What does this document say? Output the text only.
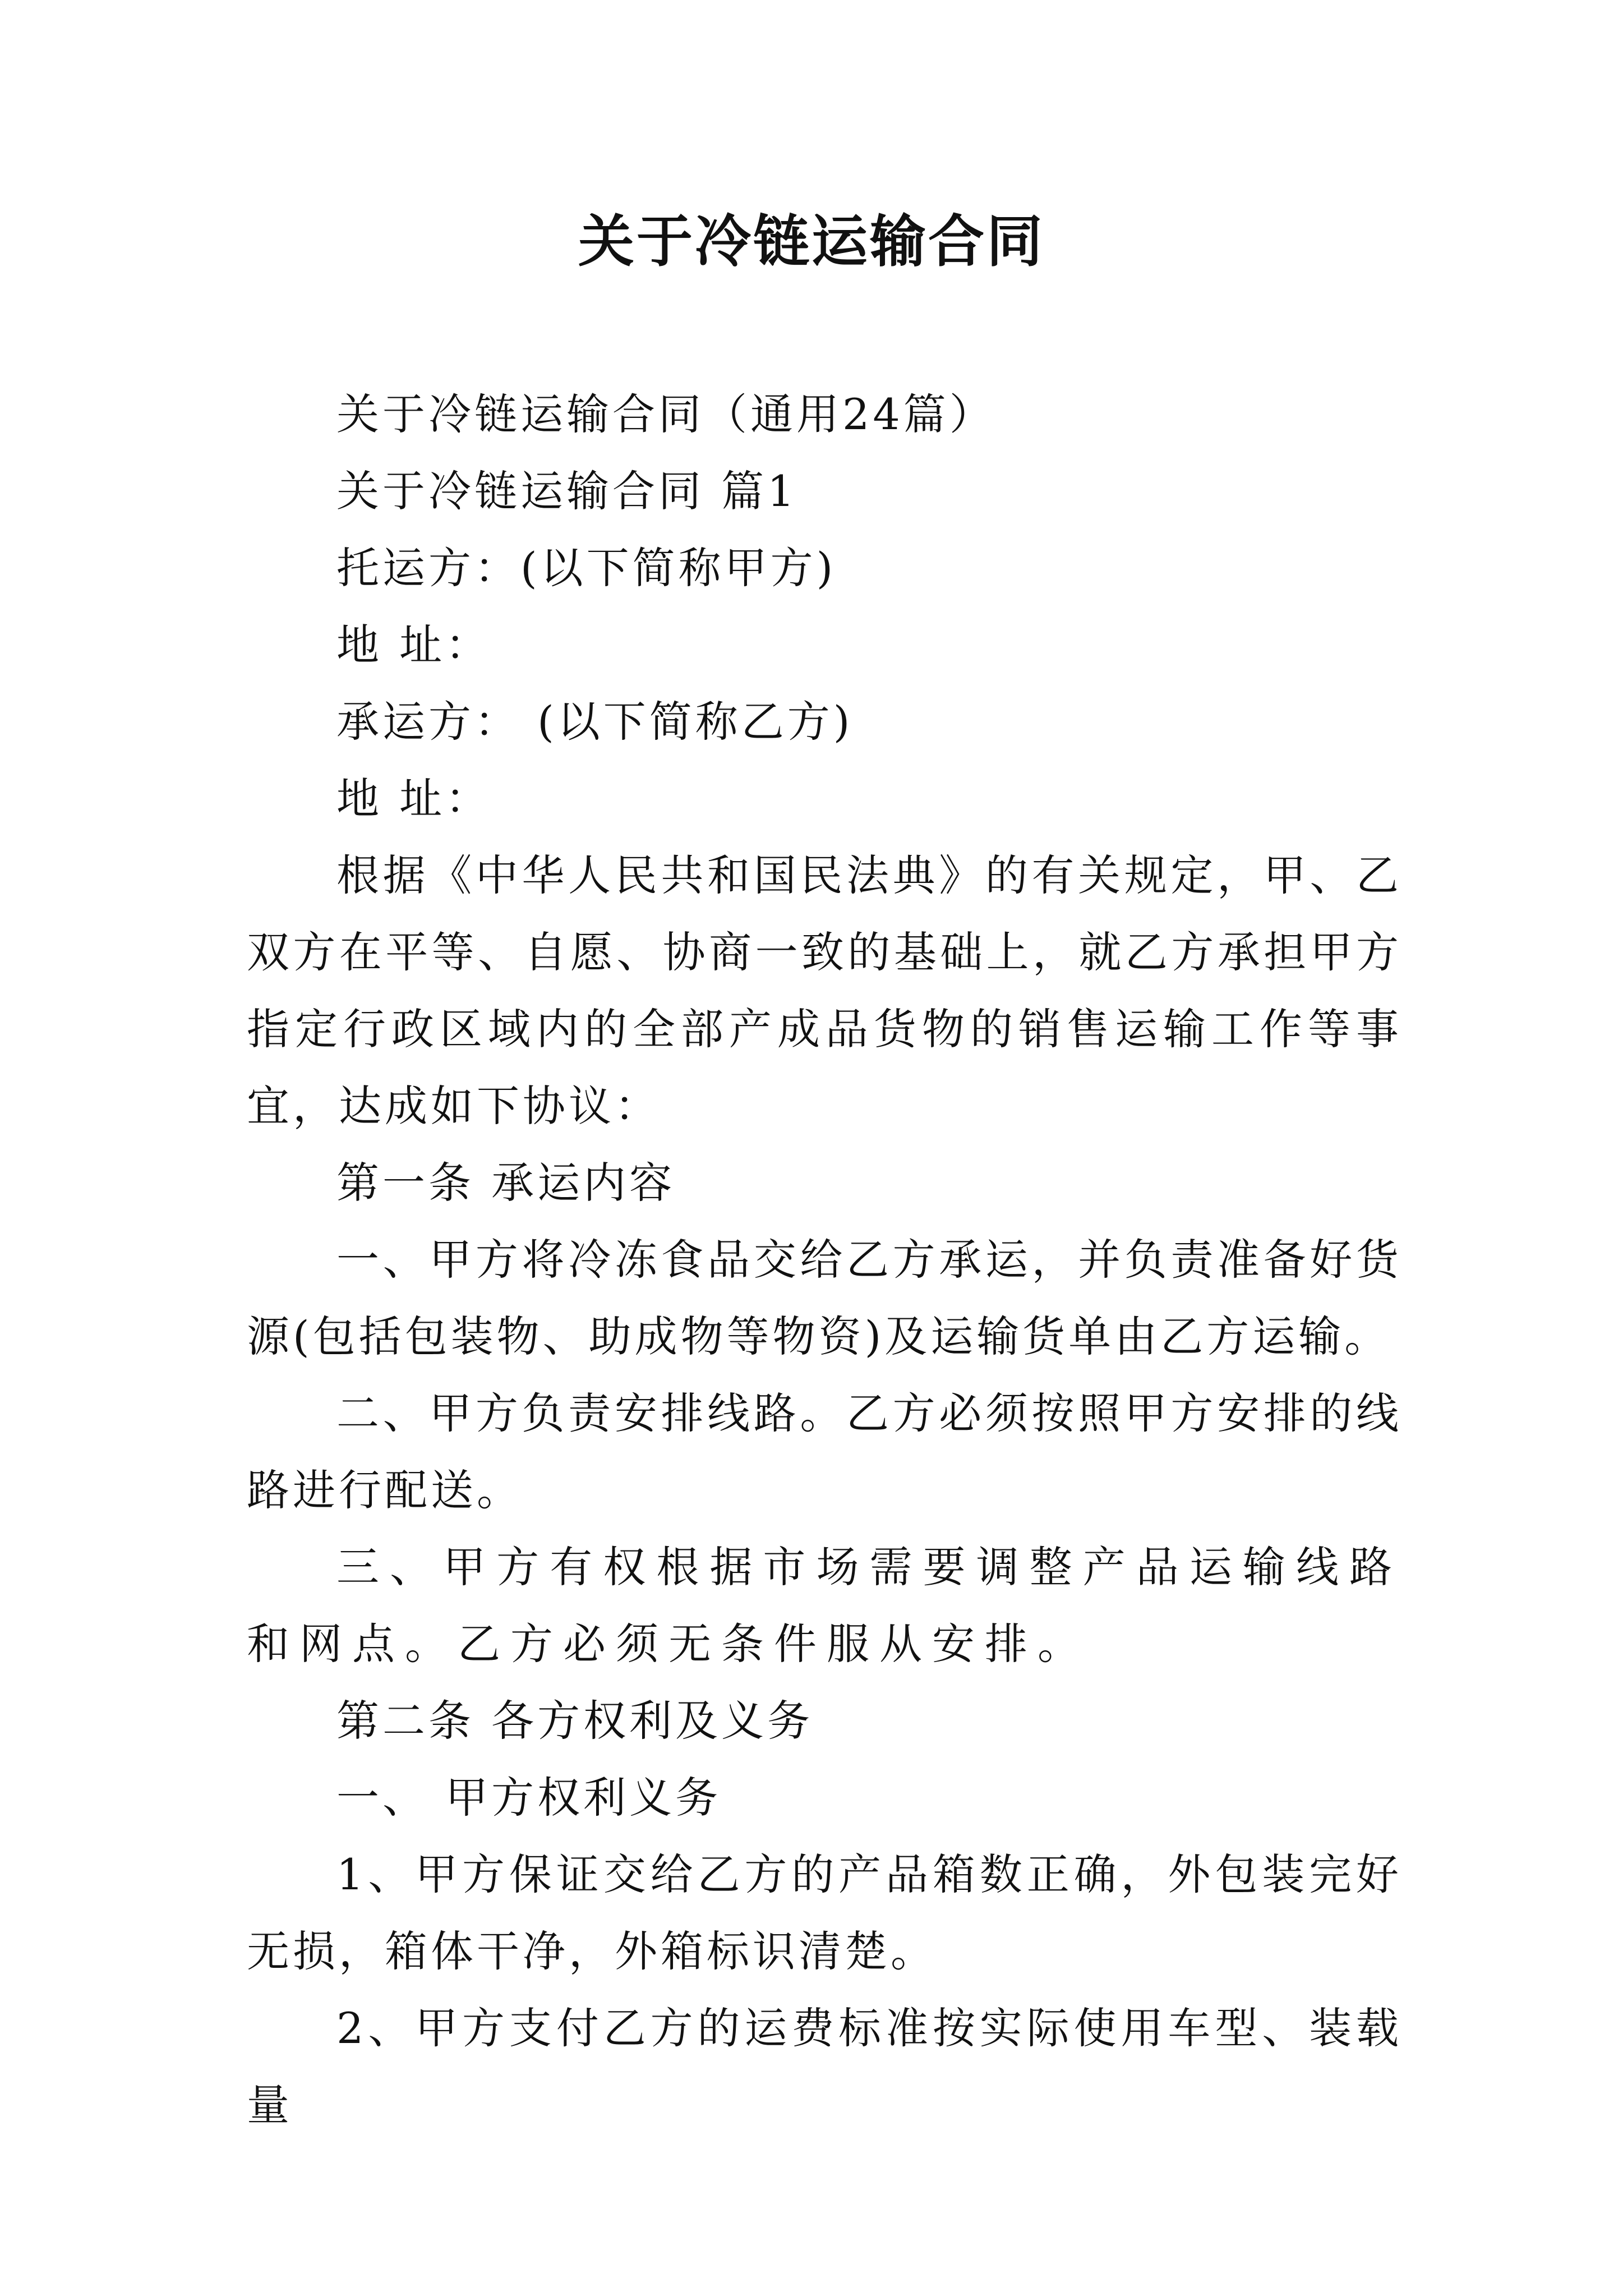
关于冷链运输合同

关于冷链运输合同（通用24篇）

关于冷链运输合同 篇1

托运方：(以下简称甲方)

地 址：

承运方： (以下简称乙方)

地 址：

根据《中华人民共和国民法典》的有关规定，甲、乙双方在平等、自愿、协商一致的基础上，就乙方承担甲方指定行政区域内的全部产成品货物的销售运输工作等事宜，达成如下协议：

第一条 承运内容

一、甲方将冷冻食品交给乙方承运，并负责准备好货源(包括包装物、助成物等物资)及运输货单由乙方运输。

二、甲方负责安排线路。乙方必须按照甲方安排的线路进行配送。

三、甲方有权根据市场需要调整产品运输线路和网点。乙方必须无条件服从安排。

第二条 各方权利及义务

一、 甲方权利义务

1、甲方保证交给乙方的产品箱数正确，外包装完好无损，箱体干净，外箱标识清楚。

2、甲方支付乙方的运费标准按实际使用车型、装载量
